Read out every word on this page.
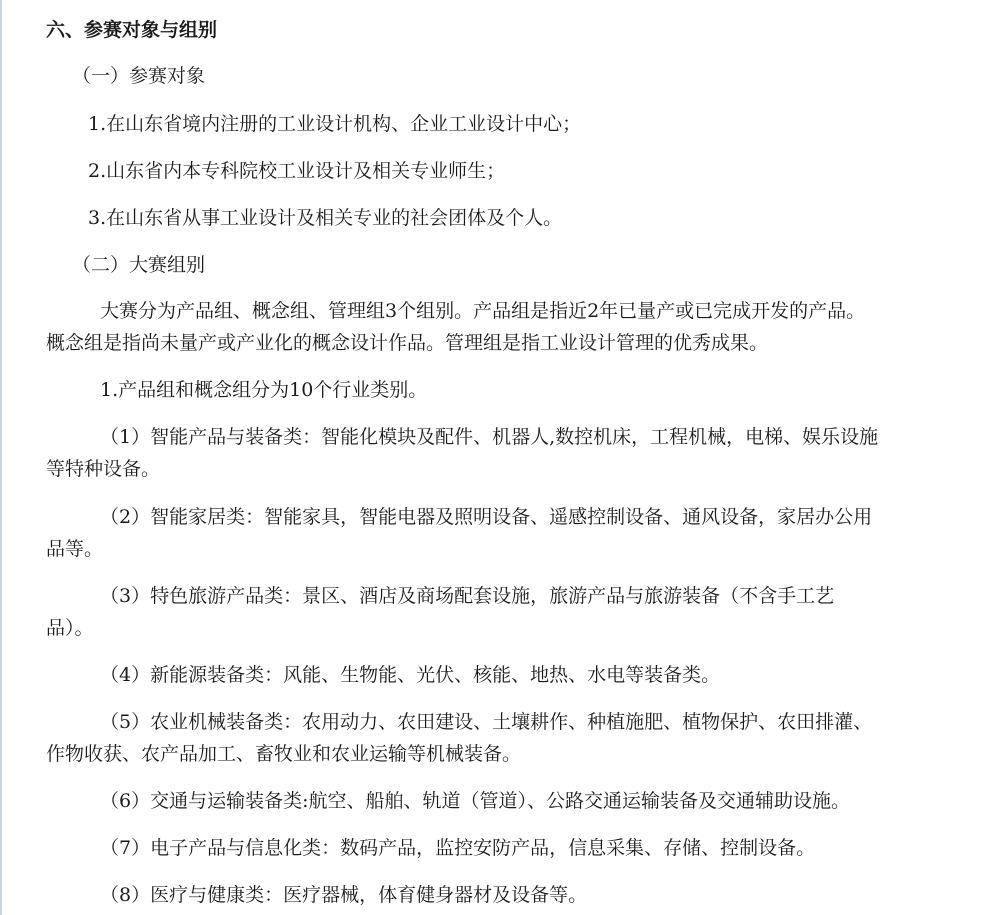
六、参赛对象与组别
（一）参赛对象
1.在山东省境内注册的工业设计机构、企业工业设计中心；
2.山东省内本专科院校工业设计及相关专业师生；
3.在山东省从事工业设计及相关专业的社会团体及个人。
（二）大赛组别
大赛分为产品组、概念组、管理组3个组别。产品组是指近2年已量产或已完成开发的产品。
概念组是指尚未量产或产业化的概念设计作品。管理组是指工业设计管理的优秀成果。
1.产品组和概念组分为10个行业类别。
（1）智能产品与装备类：智能化模块及配件、机器人,数控机床，工程机械，电梯、娱乐设施
等特种设备。
（2）智能家居类：智能家具，智能电器及照明设备、遥感控制设备、通风设备，家居办公用
品等。
（3）特色旅游产品类：景区、酒店及商场配套设施，旅游产品与旅游装备（不含手工艺
品）。
（4）新能源装备类：风能、生物能、光伏、核能、地热、水电等装备类。
（5）农业机械装备类：农用动力、农田建设、土壤耕作、种植施肥、植物保护、农田排灌、
作物收获、农产品加工、畜牧业和农业运输等机械装备。
（6）交通与运输装备类:航空、船舶、轨道（管道）、公路交通运输装备及交通辅助设施。
（7）电子产品与信息化类：数码产品，监控安防产品，信息采集、存储、控制设备。
（8）医疗与健康类：医疗器械，体育健身器材及设备等。
